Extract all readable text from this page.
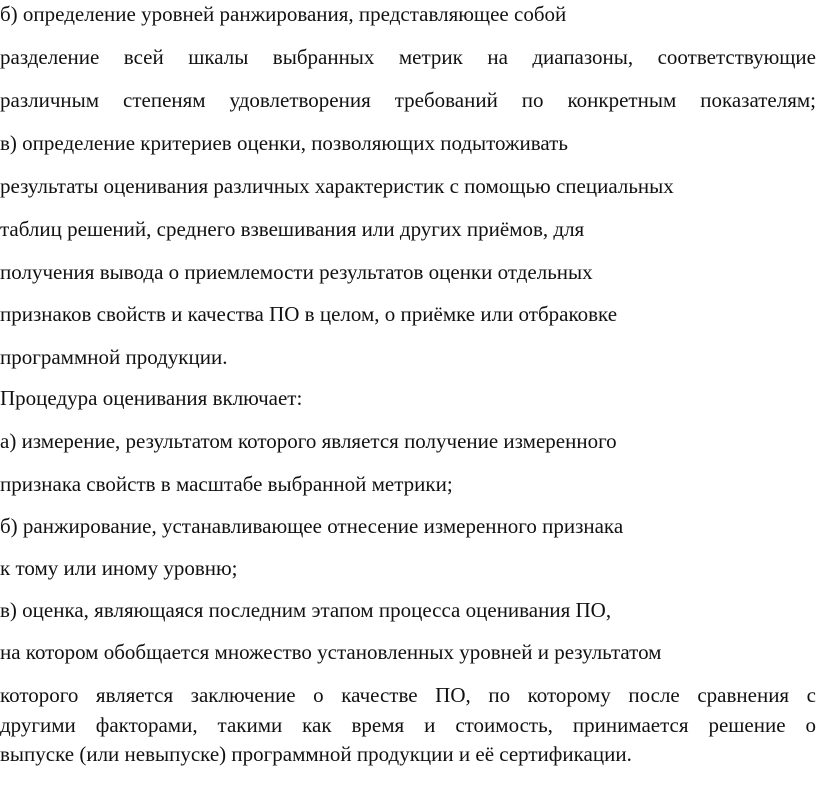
б) определение уровней ранжирования, представляющее собой
разделение всей шкалы выбранных метрик на диапазоны, соответствующие
различным степеням удовлетворения требований по конкретным показателям;
в) определение критериев оценки, позволяющих подытоживать
результаты оценивания различных характеристик с помощью специальных
таблиц решений, среднего взвешивания или других приёмов, для
получения вывода о приемлемости результатов оценки отдельных
признаков свойств и качества ПО в целом, о приёмке или отбраковке
программной продукции.
Процедура оценивания включает:
а) измерение, результатом которого является получение измеренного
признака свойств в масштабе выбранной метрики;
б) ранжирование, устанавливающее отнесение измеренного признака
к тому или иному уровню;
в) оценка, являющаяся последним этапом процесса оценивания ПО,
на котором обобщается множество установленных уровней и результатом
которого является заключение о качестве ПО, по которому после сравнения с
другими факторами, такими как время и стоимость, принимается решение о
выпуске (или невыпуске) программной продукции и её сертификации.
